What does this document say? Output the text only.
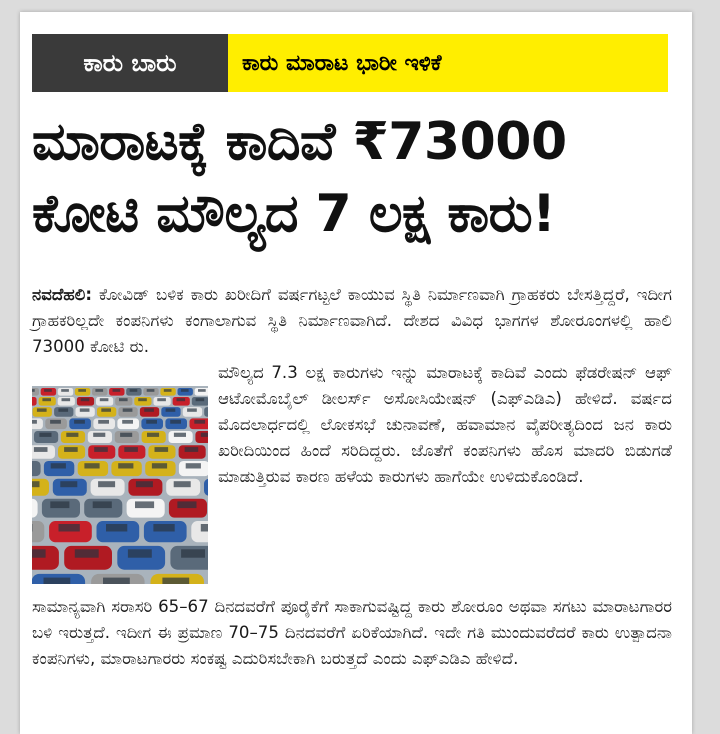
ಕಾರು ಬಾರು	ಕಾರು ಮಾರಾಟ ಭಾರೀ ಇಳಿಕೆ
ಮಾರಾಟಕ್ಕೆ ಕಾದಿವೆ ₹73000 ಕೋಟಿ ಮೌಲ್ಯದ 7 ಲಕ್ಷ ಕಾರು!

ನವದೆಹಲಿ: ಕೋವಿಡ್ ಬಳಿಕ ಕಾರು ಖರೀದಿಗೆ ವರ್ಷಗಟ್ಟಲೆ ಕಾಯುವ ಸ್ಥಿತಿ ನಿರ್ಮಾಣವಾಗಿ ಗ್ರಾಹಕರು ಬೇಸತ್ತಿದ್ದರೆ, ಇದೀಗ ಗ್ರಾಹಕರಿಲ್ಲದೇ ಕಂಪನಿಗಳು ಕಂಗಾಲಾಗುವ ಸ್ಥಿತಿ ನಿರ್ಮಾಣವಾಗಿದೆ. ದೇಶದ ವಿವಿಧ ಭಾಗಗಳ ಶೋರೂಂಗಳಲ್ಲಿ ಹಾಲಿ 73000 ಕೋಟಿ ರು.

ಮೌಲ್ಯದ 7.3 ಲಕ್ಷ ಕಾರುಗಳು ಇನ್ನು ಮಾರಾಟಕ್ಕೆ ಕಾದಿವೆ ಎಂದು ಫೆಡರೇಷನ್ ಆಫ್ ಆಟೋಮೊಬೈಲ್ ಡೀಲರ್ಸ್ ಅಸೋಸಿಯೇಷನ್ (ಎಫ್‌ಎಡಿಎ) ಹೇಳಿದೆ. ವರ್ಷದ ಮೊದಲಾರ್ಧದಲ್ಲಿ ಲೋಕಸಭೆ ಚುನಾವಣೆ, ಹವಾಮಾನ ವೈಪರೀತ್ಯದಿಂದ ಜನ ಕಾರು ಖರೀದಿಯಿಂದ ಹಿಂದೆ ಸರಿದಿದ್ದರು. ಜೊತೆಗೆ ಕಂಪನಿಗಳು ಹೊಸ ಮಾದರಿ ಬಿಡುಗಡೆ ಮಾಡುತ್ತಿರುವ ಕಾರಣ ಹಳೆಯ ಕಾರುಗಳು ಹಾಗೆಯೇ ಉಳಿದುಕೊಂಡಿದೆ.

ಸಾಮಾನ್ಯವಾಗಿ ಸರಾಸರಿ 65–67 ದಿನದವರೆಗೆ ಪೂರೈಕೆಗೆ ಸಾಕಾಗುವಷ್ಟಿದ್ದ ಕಾರು ಶೋರೂಂ ಅಥವಾ ಸಗಟು ಮಾರಾಟಗಾರರ ಬಳಿ ಇರುತ್ತದೆ. ಇದೀಗ ಈ ಪ್ರಮಾಣ 70–75 ದಿನದವರೆಗೆ ಏರಿಕೆಯಾಗಿದೆ. ಇದೇ ಗತಿ ಮುಂದುವರೆದರೆ ಕಾರು ಉತ್ಪಾದನಾ ಕಂಪನಿಗಳು, ಮಾರಾಟಗಾರರು ಸಂಕಷ್ಟ ಎದುರಿಸಬೇಕಾಗಿ ಬರುತ್ತದೆ ಎಂದು ಎಫ್‌ಎಡಿಎ ಹೇಳಿದೆ.
